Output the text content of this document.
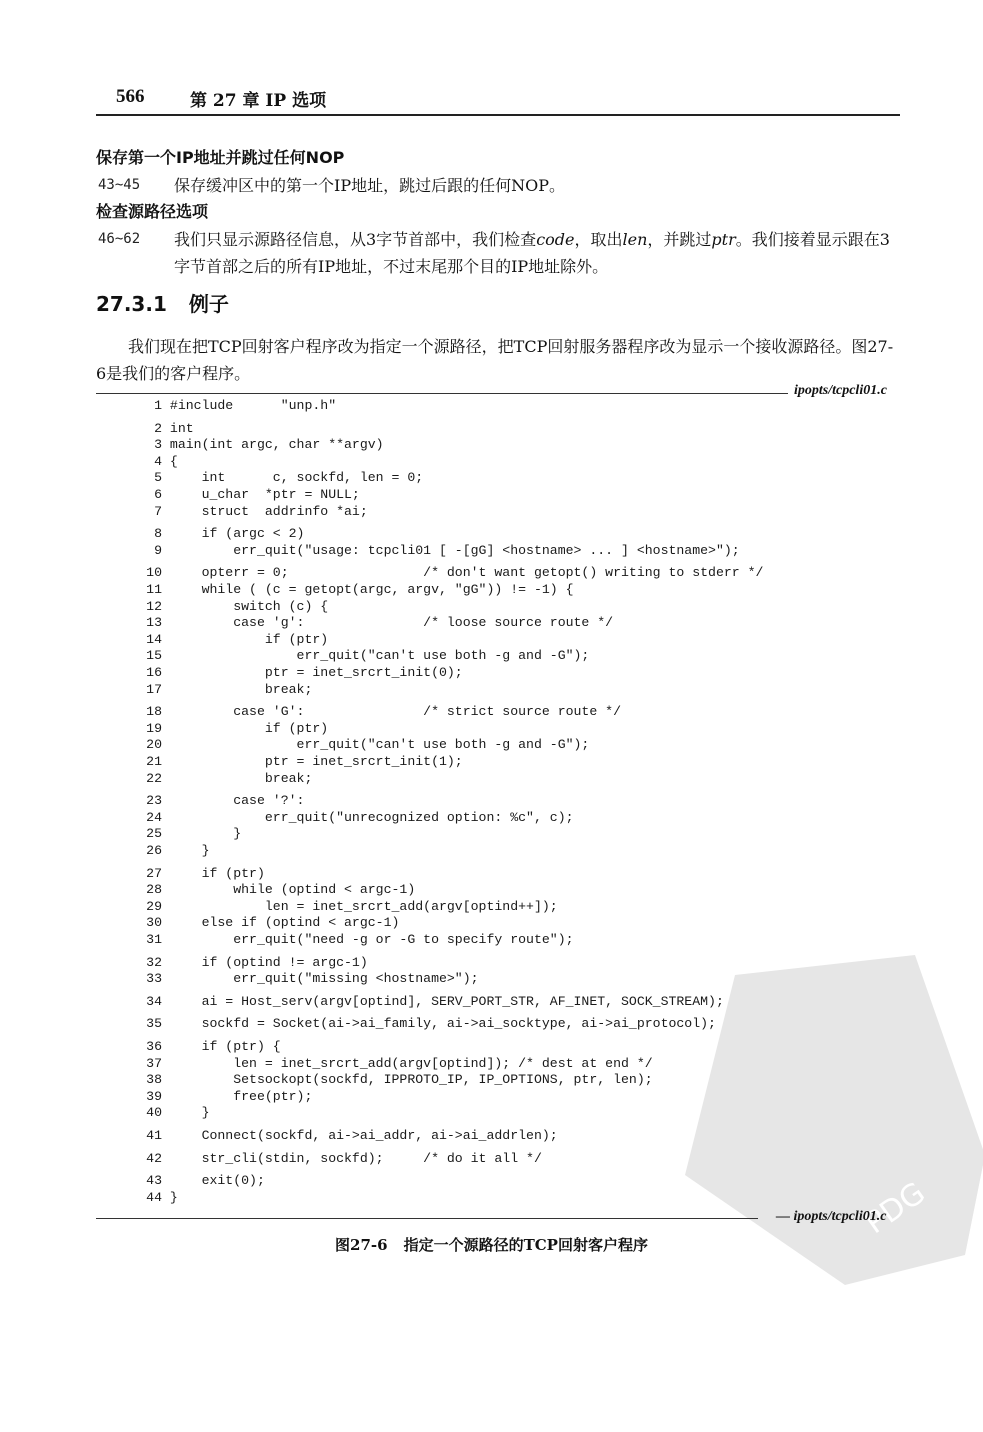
566	第 27 章 IP 选项
保存第一个IP地址并跳过任何NOP
43~45 保存缓冲区中的第一个IP地址，跳过后跟的任何NOP。
检查源路径选项
46~62 我们只显示源路径信息，从3字节首部中，我们检查code，取出len，并跳过ptr。我们接着显示跟在3字节首部之后的所有IP地址，不过末尾那个目的IP地址除外。
27.3.1 例子
我们现在把TCP回射客户程序改为指定一个源路径，把TCP回射服务器程序改为显示一个接收源路径。图27-6是我们的客户程序。
ipopts/tcpcli01.c
PDG
1 #include      "unp.h"
2 int
3 main(int argc, char **argv)
4 {
5     int      c, sockfd, len = 0;
6     u_char  *ptr = NULL;
7     struct  addrinfo *ai;
8     if (argc < 2)
9         err_quit("usage: tcpcli01 [ -[gG] <hostname> ... ] <hostname>");
10     opterr = 0;                 /* don't want getopt() writing to stderr */
11     while ( (c = getopt(argc, argv, "gG")) != -1) {
12         switch (c) {
13         case 'g':               /* loose source route */
14             if (ptr)
15                 err_quit("can't use both -g and -G");
16             ptr = inet_srcrt_init(0);
17             break;
18         case 'G':               /* strict source route */
19             if (ptr)
20                 err_quit("can't use both -g and -G");
21             ptr = inet_srcrt_init(1);
22             break;
23         case '?':
24             err_quit("unrecognized option: %c", c);
25         }
26     }
27     if (ptr)
28         while (optind < argc-1)
29             len = inet_srcrt_add(argv[optind++]);
30     else if (optind < argc-1)
31         err_quit("need -g or -G to specify route");
32     if (optind != argc-1)
33         err_quit("missing <hostname>");
34     ai = Host_serv(argv[optind], SERV_PORT_STR, AF_INET, SOCK_STREAM);
35     sockfd = Socket(ai->ai_family, ai->ai_socktype, ai->ai_protocol);
36     if (ptr) {
37         len = inet_srcrt_add(argv[optind]); /* dest at end */
38         Setsockopt(sockfd, IPPROTO_IP, IP_OPTIONS, ptr, len);
39         free(ptr);
40     }
41     Connect(sockfd, ai->ai_addr, ai->ai_addrlen);
42     str_cli(stdin, sockfd);     /* do it all */
43     exit(0);
44 }
— ipopts/tcpcli01.c
图27-6 指定一个源路径的TCP回射客户程序
